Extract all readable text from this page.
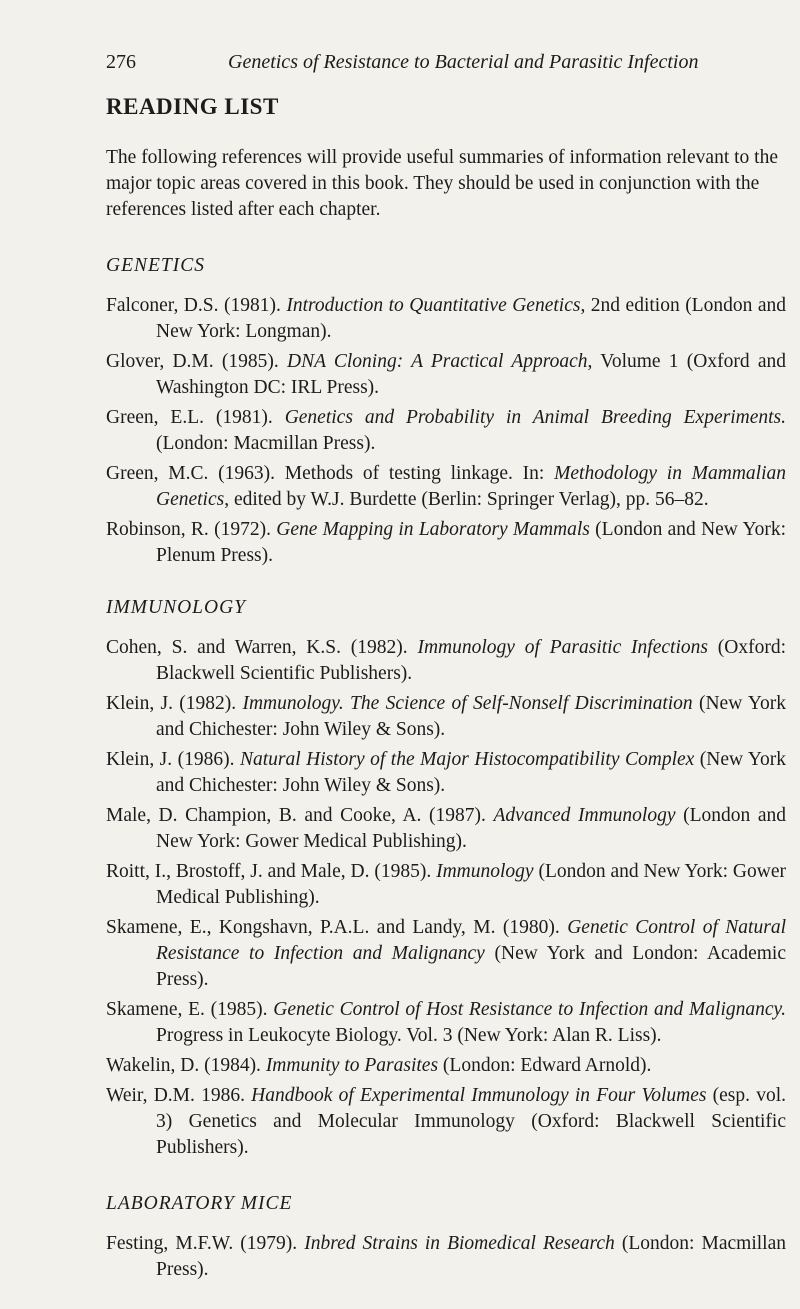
276	Genetics of Resistance to Bacterial and Parasitic Infection
READING LIST

The following references will provide useful summaries of information relevant to the major topic areas covered in this book. They should be used in conjunction with the references listed after each chapter.

GENETICS
Falconer, D.S. (1981). Introduction to Quantitative Genetics, 2nd edition (London and New York: Longman).
Glover, D.M. (1985). DNA Cloning: A Practical Approach, Volume 1 (Oxford and Washington DC: IRL Press).
Green, E.L. (1981). Genetics and Probability in Animal Breeding Experiments. (London: Macmillan Press).
Green, M.C. (1963). Methods of testing linkage. In: Methodology in Mammalian Genetics, edited by W.J. Burdette (Berlin: Springer Verlag), pp. 56–82.
Robinson, R. (1972). Gene Mapping in Laboratory Mammals (London and New York: Plenum Press).
IMMUNOLOGY
Cohen, S. and Warren, K.S. (1982). Immunology of Parasitic Infections (Oxford: Blackwell Scientific Publishers).
Klein, J. (1982). Immunology. The Science of Self-Nonself Discrimination (New York and Chichester: John Wiley & Sons).
Klein, J. (1986). Natural History of the Major Histocompatibility Complex (New York and Chichester: John Wiley & Sons).
Male, D. Champion, B. and Cooke, A. (1987). Advanced Immunology (London and New York: Gower Medical Publishing).
Roitt, I., Brostoff, J. and Male, D. (1985). Immunology (London and New York: Gower Medical Publishing).
Skamene, E., Kongshavn, P.A.L. and Landy, M. (1980). Genetic Control of Natural Resistance to Infection and Malignancy (New York and London: Academic Press).
Skamene, E. (1985). Genetic Control of Host Resistance to Infection and Malignancy. Progress in Leukocyte Biology. Vol. 3 (New York: Alan R. Liss).
Wakelin, D. (1984). Immunity to Parasites (London: Edward Arnold).
Weir, D.M. 1986. Handbook of Experimental Immunology in Four Volumes (esp. vol. 3) Genetics and Molecular Immunology (Oxford: Blackwell Scientific Publishers).
LABORATORY MICE
Festing, M.F.W. (1979). Inbred Strains in Biomedical Research (London: Macmillan Press).
